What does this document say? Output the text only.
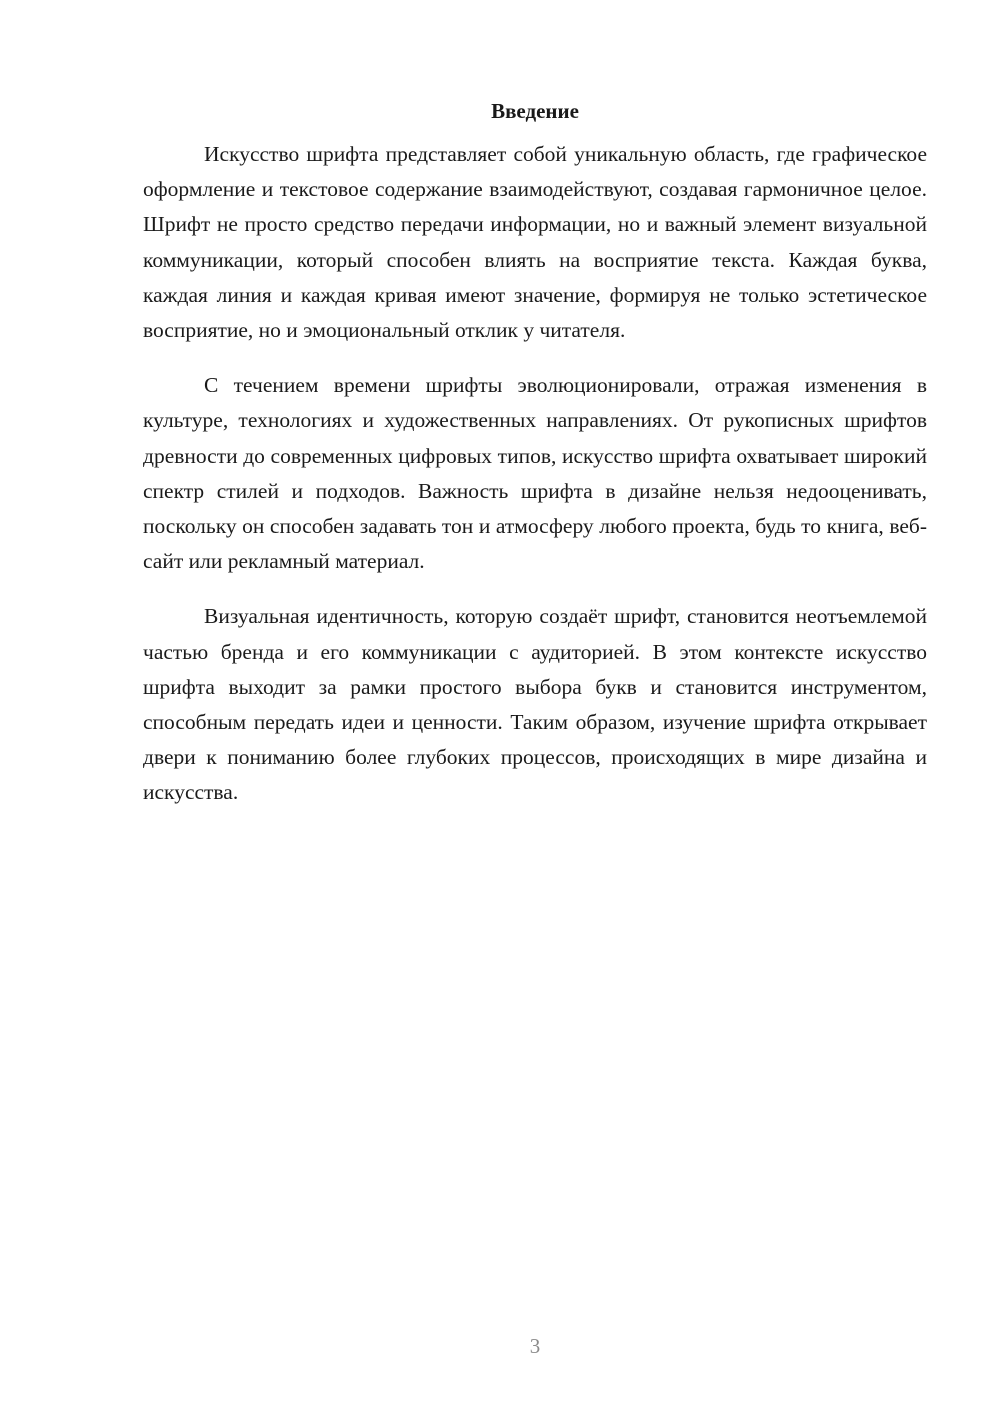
Введение

Искусство шрифта представляет собой уникальную область, где графическое оформление и текстовое содержание взаимодействуют, создавая гармоничное целое. Шрифт не просто средство передачи информации, но и важный элемент визуальной коммуникации, который способен влиять на восприятие текста. Каждая буква, каждая линия и каждая кривая имеют значение, формируя не только эстетическое восприятие, но и эмоциональный отклик у читателя.

С течением времени шрифты эволюционировали, отражая изменения в культуре, технологиях и художественных направлениях. От рукописных шрифтов древности до современных цифровых типов, искусство шрифта охватывает широкий спектр стилей и подходов. Важность шрифта в дизайне нельзя недооценивать, поскольку он способен задавать тон и атмосферу любого проекта, будь то книга, веб-сайт или рекламный материал.

Визуальная идентичность, которую создаёт шрифт, становится неотъемлемой частью бренда и его коммуникации с аудиторией. В этом контексте искусство шрифта выходит за рамки простого выбора букв и становится инструментом, способным передать идеи и ценности. Таким образом, изучение шрифта открывает двери к пониманию более глубоких процессов, происходящих в мире дизайна и искусства.

3
